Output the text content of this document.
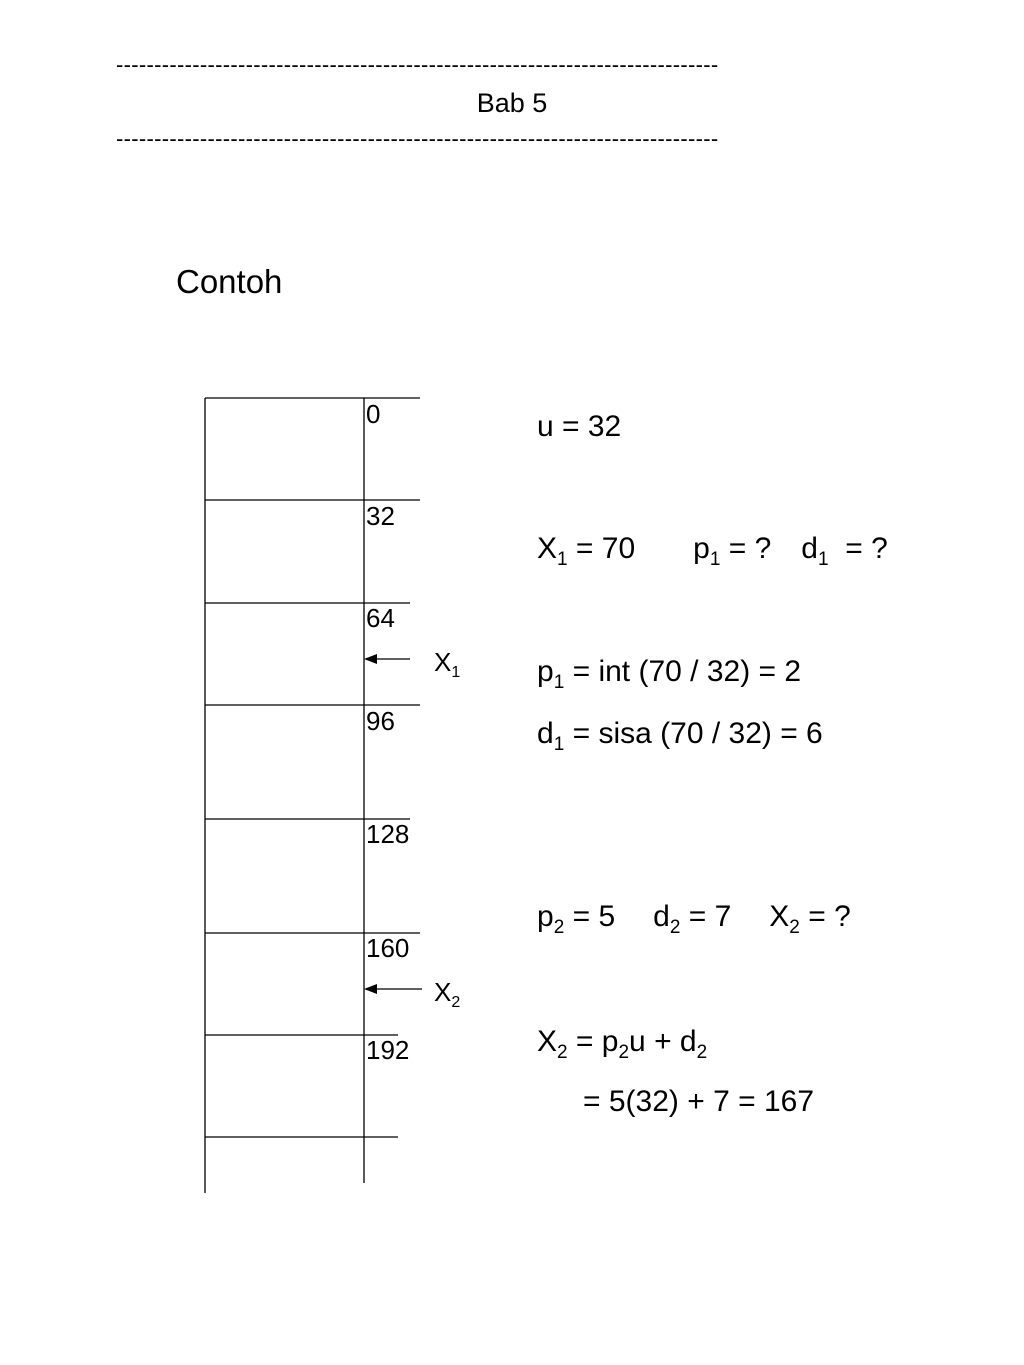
-------------------------------------------------------------------------------
Bab 5
-------------------------------------------------------------------------------
Contoh
0
32
64
96
128
160
192
$X_1$
$X_2$
u = 32
$X_1 = 70$ $p_1$ = ? $d_1$  = ?
$p_1$ = int (70 / 32) = 2
$d_1$ = sisa (70 / 32) = 6
$p_2 = 5$ $d_2 = 7$ $X_2$ = ?
$X_2 = p_2u + d_2$
= 5(32) + 7 = 167
